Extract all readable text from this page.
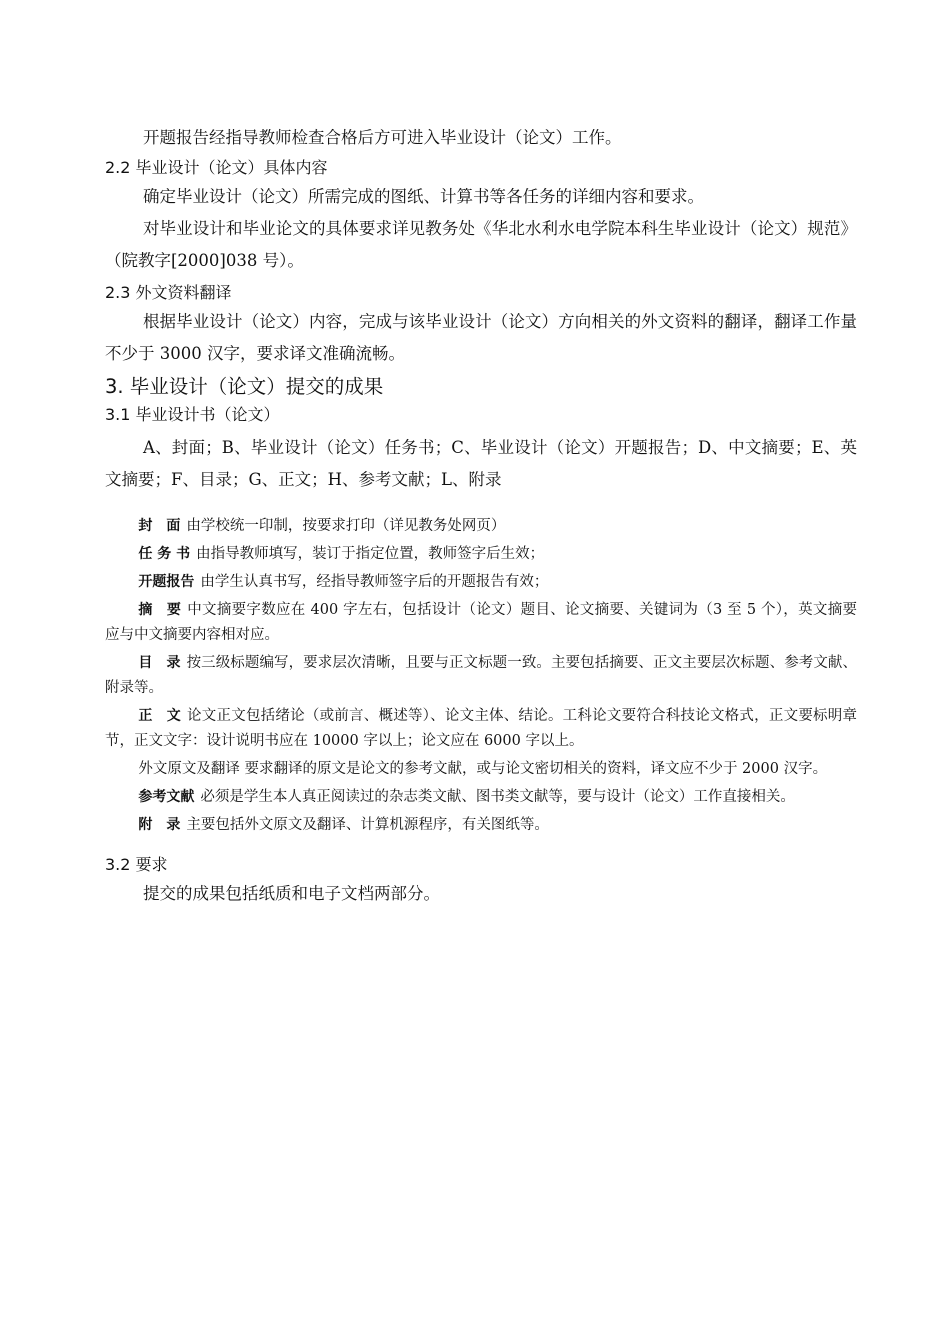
开题报告经指导教师检查合格后方可进入毕业设计（论文）工作。

2.2 毕业设计（论文）具体内容

确定毕业设计（论文）所需完成的图纸、计算书等各任务的详细内容和要求。

对毕业设计和毕业论文的具体要求详见教务处《华北水利水电学院本科生毕业设计（论文）规范》（院教字[2000]038 号）。

2.3 外文资料翻译

根据毕业设计（论文）内容，完成与该毕业设计（论文）方向相关的外文资料的翻译，翻译工作量不少于 3000 汉字，要求译文准确流畅。

3. 毕业设计（论文）提交的成果

3.1 毕业设计书（论文）

A、封面；B、毕业设计（论文）任务书；C、毕业设计（论文）开题报告；D、中文摘要；E、英文摘要；F、目录；G、正文；H、参考文献；L、附录

封　面 由学校统一印制，按要求打印（详见教务处网页）

任 务 书 由指导教师填写，装订于指定位置，教师签字后生效；

开题报告 由学生认真书写，经指导教师签字后的开题报告有效；

摘　要 中文摘要字数应在 400 字左右，包括设计（论文）题目、论文摘要、关键词为（3 至 5 个），英文摘要应与中文摘要内容相对应。

目　录 按三级标题编写，要求层次清晰，且要与正文标题一致。主要包括摘要、正文主要层次标题、参考文献、附录等。

正　文 论文正文包括绪论（或前言、概述等）、论文主体、结论。工科论文要符合科技论文格式，正文要标明章节，正文文字：设计说明书应在 10000 字以上；论文应在 6000 字以上。

外文原文及翻译 要求翻译的原文是论文的参考文献，或与论文密切相关的资料，译文应不少于 2000 汉字。

参考文献 必须是学生本人真正阅读过的杂志类文献、图书类文献等，要与设计（论文）工作直接相关。

附　录 主要包括外文原文及翻译、计算机源程序，有关图纸等。

3.2 要求

提交的成果包括纸质和电子文档两部分。
